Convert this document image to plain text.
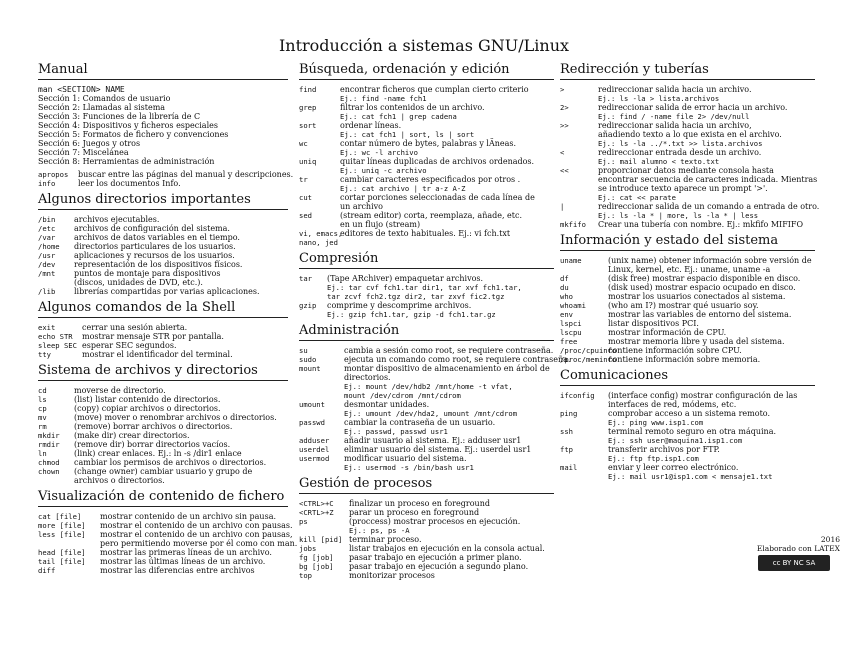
Introducción a sistemas GNU/Linux
Manual
man <SECTION> NAME
Sección 1: Comandos de usuario
Sección 2: Llamadas al sistema
Sección 3: Funciones de la librería de C
Sección 4: Dispositivos y ficheros especiales
Sección 5: Formatos de fichero y convenciones
Sección 6: Juegos y otros
Sección 7: Miscelánea
Sección 8: Herramientas de administración
apropos	buscar entre las páginas del manual y descripciones.
info	leer los documentos Info.
Algunos directorios importantes
/bin	archivos ejecutables.
/etc	archivos de configuración del sistema.
/var	archivos de datos variables en el tiempo.
/home	directorios particulares de los usuarios.
/usr	aplicaciones y recursos de los usuarios.
/dev	representación de los dispositivos físicos.
/mnt	puntos de montaje para dispositivos
(discos, unidades de DVD, etc.).
/lib	librerías compartidas por varias aplicaciones.
Algunos comandos de la Shell
exit	cerrar una sesión abierta.
echo STR	mostrar mensaje STR por pantalla.
sleep SEC esperar SEC segundos.
tty	mostrar el identificador del terminal.
Sistema de archivos y directorios
cd	moverse de directorio.
ls	(list) listar contenido de directorios.
cp	(copy) copiar archivos o directorios.
mv	(move) mover o renombrar archivos o directorios.
rm	(remove) borrar archivos o directorios.
mkdir	(make dir) crear directorios.
rmdir	(remove dir) borrar directorios vacíos.
ln	(link) crear enlaces. Ej.: ln -s /dir1 enlace
chmod	cambiar los permisos de archivos o directorios.
chown	(change owner) cambiar usuario y grupo de
archivos o directorios.
Visualización de contenido de fichero
cat [file]	mostrar contenido de un archivo sin pausa.
more [file]	mostrar el contenido de un archivo con pausas.
less [file]	mostrar el contenido de un archivo con pausas,
pero permitiendo moverse por él como con man.
head [file]	mostrar las primeras líneas de un archivo.
tail [file]	mostrar las últimas líneas de un archivo.
diff	mostrar las diferencias entre archivos
Búsqueda, ordenación y edición
find	encontrar ficheros que cumplan cierto criterio
Ej.: find -name fch1
grep	filtrar los contenidos de un archivo.
Ej.: cat fch1 | grep cadena
sort	ordenar líneas.
Ej.: cat fch1 | sort, ls | sort
wc	contar número de bytes, palabras y lÃneas.
Ej.: wc -l archivo
uniq	quitar líneas duplicadas de archivos ordenados.
Ej.: uniq -c archivo
tr	cambiar caracteres especificados por otros .
Ej.: cat archivo | tr a-z A-Z
cut	cortar porciones seleccionadas de cada línea de
un archivo
sed	(stream editor) corta, reemplaza, añade, etc.
en un flujo (stream)
vi, emacs,
editores de texto habituales. Ej.: vi fch.txt
nano, jed
Compresión
tar	(Tape ARchiver) empaquetar archivos.
Ej.: tar cvf fch1.tar dir1, tar xvf fch1.tar,
tar zcvf fch2.tgz dir2, tar zxvf fic2.tgz
gzip	comprime y descomprime archivos.
Ej.: gzip fch1.tar, gzip -d fch1.tar.gz
Administración
su	cambia a sesión como root, se requiere contraseña.
sudo	ejecuta un comando como root, se requiere contraseña.
mount	montar dispositivo de almacenamiento en árbol de
directorios.
Ej.: mount /dev/hdb2 /mnt/home -t vfat,
mount /dev/cdrom /mnt/cdrom
umount	desmontar unidades.
Ej.: umount /dev/hda2, umount /mnt/cdrom
passwd	cambiar la contraseña de un usuario.
Ej.: passwd, passwd usr1
adduser	añadir usuario al sistema. Ej.: adduser usr1
userdel	eliminar usuario del sistema. Ej.: userdel usr1
usermod	modificar usuario del sistema.
Ej.: usermod -s /bin/bash usr1
Gestión de procesos
<CTRL>+C	finalizar un proceso en foreground
<CRTL>+Z	parar un proceso en foreground
ps	(proccess) mostrar procesos en ejecución.
Ej.: ps, ps -A
kill [pid] terminar proceso.
jobs	listar trabajos en ejecución en la consola actual.
fg [job]	pasar trabajo en ejecución a primer plano.
bg [job]	pasar trabajo en ejecución a segundo plano.
top	monitorizar procesos
Redirección y tuberías
>	redireccionar salida hacia un archivo.
Ej.: ls -la > lista.archivos
2>	redireccionar salida de error hacia un archivo.
Ej.: find / -name file 2> /dev/null
>>	redireccionar salida hacia un archivo,
añadiendo texto a lo que exista en el archivo.
Ej.: ls -la ../*.txt >> lista.archivos
<	redireccionar entrada desde un archivo.
Ej.: mail alumno < texto.txt
<<	proporcionar datos mediante consola hasta
encontrar secuencia de caracteres indicada. Mientras
se introduce texto aparece un prompt '>'.
Ej.: cat << parate
|	redireccionar salida de un comando a entrada de otro.
Ej.: ls -la * | more, ls -la * | less
mkfifo	Crear una tubería con nombre. Ej.: mkfifo MIFIFO
Información y estado del sistema
uname	(unix name) obtener información sobre versión de
Linux, kernel, etc. Ej.: uname, uname -a
df	(disk free) mostrar espacio disponible en disco.
du	(disk used) mostrar espacio ocupado en disco.
who	mostrar los usuarios conectados al sistema.
whoami	(who am I?) mostrar qué usuario soy.
env	mostrar las variables de entorno del sistema.
lspci	listar dispositivos PCI.
lscpu	mostrar información de CPU.
free	mostrar memoria libre y usada del sistema.
/proc/cpuinfo
contiene información sobre CPU.
/proc/meminfo
contiene información sobre memoria.
Comunicaciones
ifconfig	(interface config) mostrar configuración de las
interfaces de red, módems, etc.
ping	comprobar acceso a un sistema remoto.
Ej.: ping www.isp1.com
ssh	terminal remoto seguro en otra máquina.
Ej.: ssh user@maquina1.isp1.com
ftp	transferir archivos por FTP.
Ej.: ftp ftp.isp1.com
mail	enviar y leer correo electrónico.
Ej.: mail usr1@isp1.com < mensaje1.txt
2016
Elaborado con LATEX
cc BY NC SA
